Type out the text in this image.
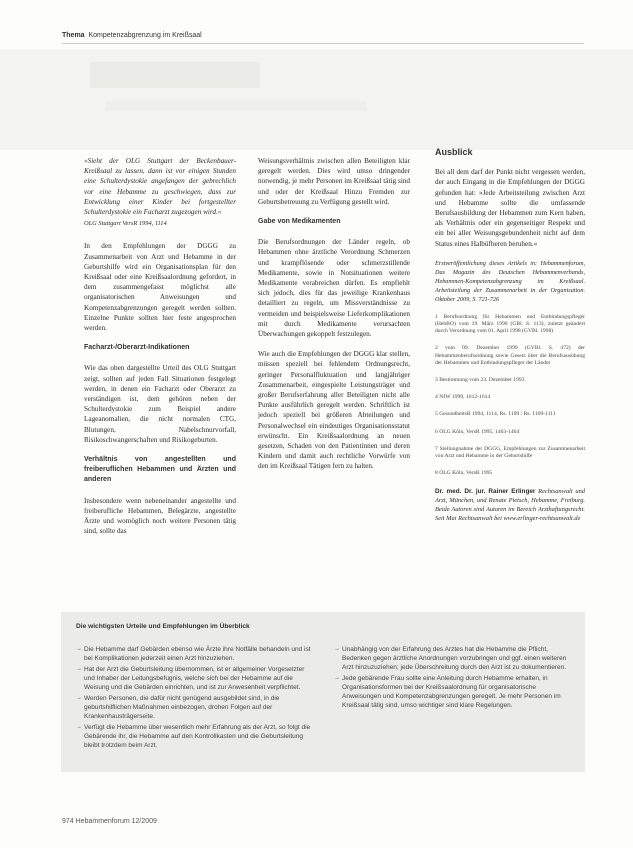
Thema Kompetenzabgrenzung im Kreißsaal

»Sieht der OLG Stuttgart der Beckenbauer-Kreißsaal zu lassen, dann ist vor einigen Stunden eine Schulterdystokie angefangen der gebrechlich vor eine Hebamme zu geschwiegen, dass zur Entwicklung einer Kinder bei fortgestellter Schulterdystokie ein Facharzt zugezogen wird.«

OLG Stuttgart VersR 1994, 1114

In den Empfehlungen der DGGG zu Zusammenarbeit von Arzt und Hebamme in der Geburtshilfe wird ein Organisationsplan für den Kreißsaal oder eine Kreißsaalordnung gefordert, in dem zusammengefasst möglichst alle organisatorischen Anweisungen und Kompetenzabgrenzungen geregelt werden sollten. Einzelne Punkte sollten hier feste angesprochen werden.

Facharzt-/Oberarzt-Indikationen

Wie das oben dargestellte Urteil des OLG Stuttgart zeigt, sollten auf jeden Fall Situationen festgelegt werden, in denen ein Facharzt oder Oberarzt zu verständigen ist, dem gehören neben der Schulterdystokie zum Beispiel andere Lageanomalien, die nicht normalen CTG, Blutungen, Nabelschnurvorfall, Risikoschwangerschaften und Risikogeburten.

Verhältnis von angestellten und freiberuflichen Hebammen und Ärzten und anderen

Insbesondere wenn nebeneinander angestellte und freiberufliche Hebammen, Belegärzte, angestellte Ärzte und womöglich noch weitere Personen tätig sind, sollte das

Weisungsverhältnis zwischen allen Beteiligten klar geregelt werden. Dies wird umso dringender notwendig, je mehr Personen im Kreißsaal tätig sind und oder der Kreißsaal Hinzu Fremden zur Geburtsbetreuung zu Verfügung gestellt wird.

Gabe von Medikamenten

Die Berufsordnungen der Länder regeln, ob Hebammen ohne ärztliche Verordnung Schmerzen und krampflösende oder schmerzstillende Medikamente, sowie in Notsituationen weitere Medikamente verabreichen dürfen. Es empfiehlt sich jedoch, dies für das jeweilige Krankenhaus detailliert zu regeln, um Missverständnisse zu vermeiden und beispielsweise Lieferkomplikationen mit durch Medikamente verursachten Überwachungen gekoppelt festzulegen.

Wie auch die Empfehlungen der DGGG klar stellen, müssen speziell bei fehlendem Ordnungsrecht, geringer Personalfluktuation und langjähriger Zusammenarbeit, eingespielte Leistungsträger und großer Berufserfahrung aller Beteiligten nicht alle Punkte ausführlich geregelt werden. Schriftlich ist jedoch speziell bei größeren Abteilungen und Personalwechsel ein eindeutiges Organisationsstatut erwünscht. Ein Kreißsaalordnung an neuen gesetzen, Schaden von den Patientinnen und deren Kindern und damit auch rechtliche Vorwürfe von den im Kreißsaal Tätigen fern zu halten.

Ausblick

Bei all dem darf der Punkt nicht vergessen werden, der auch Eingang in die Empfehlungen der DGGG gefunden hat: »Jede Arbeitsteilung zwischen Arzt und Hebamme sollte die umfassende Berufsausbildung der Hebammen zum Kern haben, als Verhältnis oder ein gegenseitiger Respekt und ein bei aller Weisungsgebundenheit nicht auf dem Status eines Halbüfberen beruhen.«

Erstveröffentlichung dieses Artikels in: Hebammenforum, Das Magazin des Deutschen Hebammenverbands, Hebammen-Kompetenzabgrenzung im Kreißsaal. Arbeitsteilung der Zusammenarbeit in der Organisation. Oktober 2009, S. 721-726

1 Berufsordnung für Hebammen und Entbindungspfleger (HebBO) vom 19. März 1990 (GBl. S. 113), zuletzt geändert durch Verordnung vom 01. April 1998 (GVBl. 1998)

2 vom 09. Dezember 1999 (GVBl. S. 472) der Hebammenberufsordnung sowie Gesetz über die Berufsausübung der Hebammen und Entbindungspfleger der Länder

3 Bestimmung vom 23. Dezember 1993

4 NJW 1999, 1612-1614

5 GesundheitsR 1994, 1114, Rs. 1109 / Rs. 1109-1111

6 OLG Köln, VersR 1995, 1463-1464

7 Stellungnahme der DGGG, Empfehlungen zur Zusammenarbeit von Arzt und Hebamme in der Geburtshilfe

8 OLG Köln, VersR 1995

Dr. med. Dr. jur. Rainer Erlinger Rechtsanwalt und Arzt, München, und Renate Pietsch, Hebamme, Freiburg. Beide Autoren sind Autoren im Bereich Arzthaftungsrecht. Seit Mai Rechtsanwalt bei www.erlinger-rechtsanwalt.de
Die wichtigsten Urteile und Empfehlungen im Überblick
→ Die Hebamme darf Gebärden ebenso wie Ärzte ihre Notfälle behandeln und ist bei Komplikationen jederzeit einen Arzt hinzuziehen.
→ Hat der Arzt die Geburtsleitung übernommen, ist er allgemeiner Vorgesetzter und Inhaber der Leitungsbefugnis, welche sich bei der Hebamme auf die Weisung und die Gebärden einrichten, und ist zur Anwesenheit verpflichtet.
→ Werden Personen, die dafür nicht genügend ausgebildet sind, in die geburtshilflichen Maßnahmen einbezogen, drohen Folgen auf der Krankenhausträgerseite.
→ Verfügt die Hebamme über wesentlich mehr Erfahrung als der Arzt, so folgt die Gebärende ihr, die Hebamme auf den Kontrollkasten und die Geburtsleitung bleibt trotzdem beim Arzt.
→ Unabhängig von der Erfahrung des Arztes hat die Hebamme die Pflicht, Bedenken gegen ärztliche Anordnungen vorzubringen und ggf. einen weiteren Arzt hinzuzuziehen; jede Überschreitung durch den Arzt ist zu dokumentieren.
→ Jede gebärende Frau sollte eine Anleitung durch Hebamme erhalten, in Organisationsformen bei der Kreißsaalordnung für organisatorische Anweisungen und Kompetenzabgrenzungen geregelt. Je mehr Personen im Kreißsaal tätig sind, umso wichtiger sind klare Regelungen.
974 Hebammenforum 12/2009
